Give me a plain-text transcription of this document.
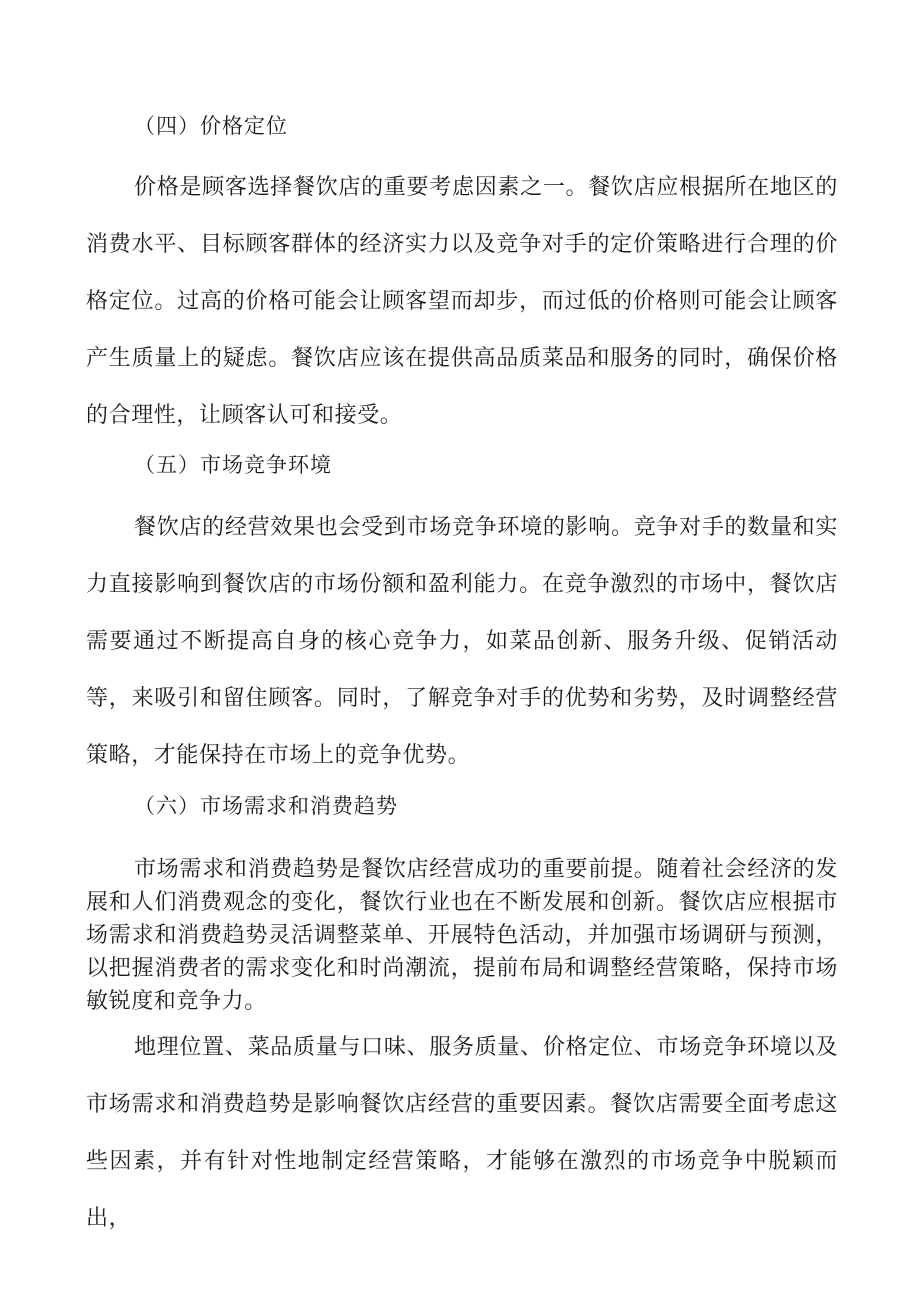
（四）价格定位

价格是顾客选择餐饮店的重要考虑因素之一。餐饮店应根据所在地区的消费水平、目标顾客群体的经济实力以及竞争对手的定价策略进行合理的价格定位。过高的价格可能会让顾客望而却步，而过低的价格则可能会让顾客产生质量上的疑虑。餐饮店应该在提供高品质菜品和服务的同时，确保价格的合理性，让顾客认可和接受。

（五）市场竞争环境

餐饮店的经营效果也会受到市场竞争环境的影响。竞争对手的数量和实力直接影响到餐饮店的市场份额和盈利能力。在竞争激烈的市场中，餐饮店需要通过不断提高自身的核心竞争力，如菜品创新、服务升级、促销活动等，来吸引和留住顾客。同时，了解竞争对手的优势和劣势，及时调整经营策略，才能保持在市场上的竞争优势。

（六）市场需求和消费趋势

市场需求和消费趋势是餐饮店经营成功的重要前提。随着社会经济的发展和人们消费观念的变化，餐饮行业也在不断发展和创新。餐饮店应根据市场需求和消费趋势灵活调整菜单、开展特色活动，并加强市场调研与预测，以把握消费者的需求变化和时尚潮流，提前布局和调整经营策略，保持市场敏锐度和竞争力。

地理位置、菜品质量与口味、服务质量、价格定位、市场竞争环境以及市场需求和消费趋势是影响餐饮店经营的重要因素。餐饮店需要全面考虑这些因素，并有针对性地制定经营策略，才能够在激烈的市场竞争中脱颖而出，
